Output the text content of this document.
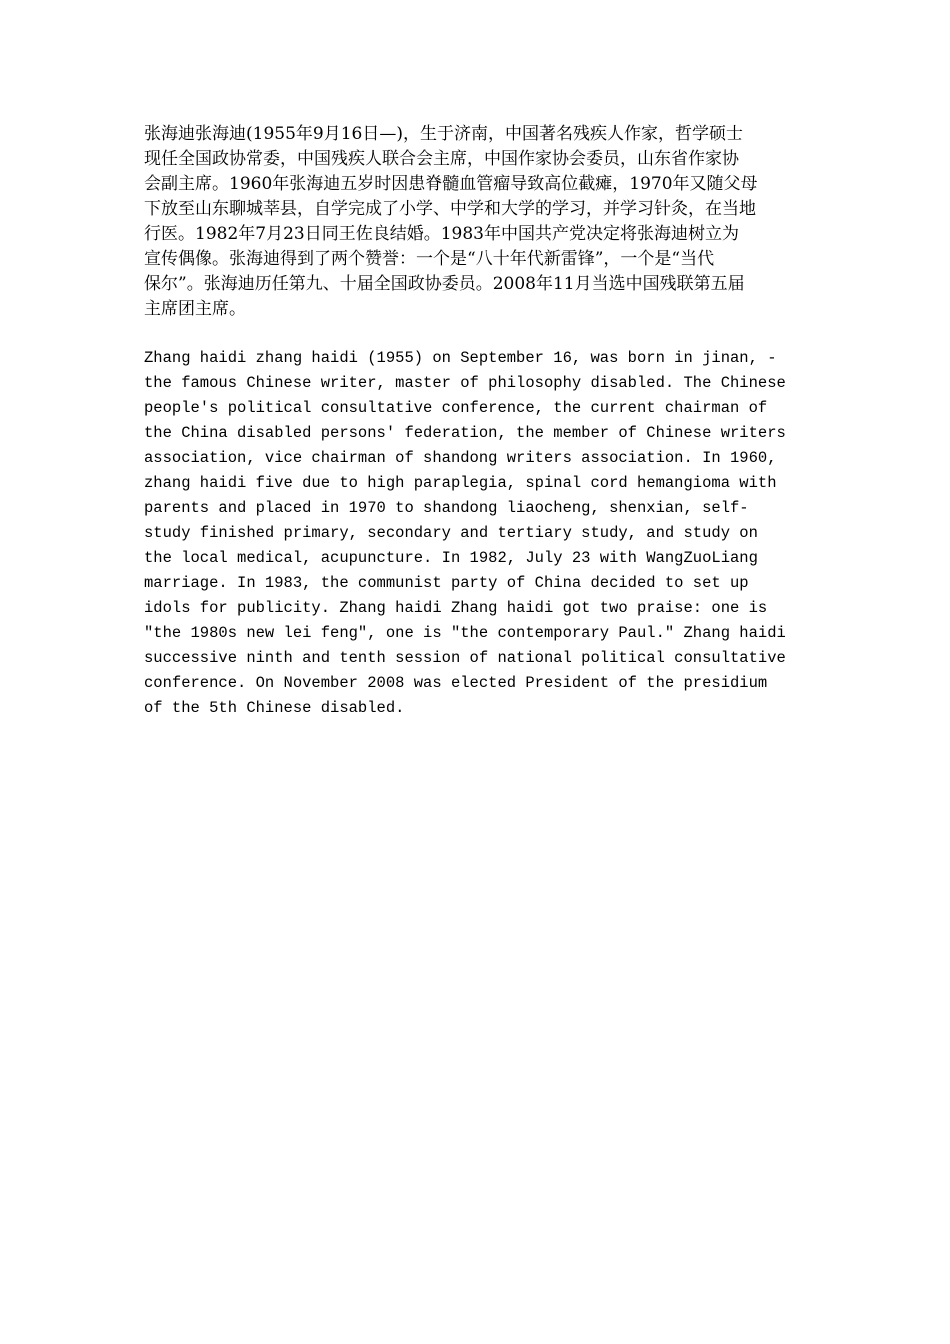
张海迪张海迪(1955年9月16日—)，生于济南，中国著名残疾人作家，哲学硕士
现任全国政协常委，中国残疾人联合会主席，中国作家协会委员，山东省作家协
会副主席。1960年张海迪五岁时因患脊髓血管瘤导致高位截瘫，1970年又随父母
下放至山东聊城莘县，自学完成了小学、中学和大学的学习，并学习针灸，在当地
行医。1982年7月23日同王佐良结婚。1983年中国共产党决定将张海迪树立为
宣传偶像。张海迪得到了两个赞誉：一个是“八十年代新雷锋”，一个是“当代
保尔”。张海迪历任第九、十届全国政协委员。2008年11月当选中国残联第五届
主席团主席。

Zhang haidi zhang haidi (1955) on September 16, was born in jinan, -
the famous Chinese writer, master of philosophy disabled. The Chinese
people's political consultative conference, the current chairman of
the China disabled persons' federation, the member of Chinese writers
association, vice chairman of shandong writers association. In 1960,
zhang haidi five due to high paraplegia, spinal cord hemangioma with
parents and placed in 1970 to shandong liaocheng, shenxian, self-
study finished primary, secondary and tertiary study, and study on
the local medical, acupuncture. In 1982, July 23 with WangZuoLiang
marriage. In 1983, the communist party of China decided to set up
idols for publicity. Zhang haidi Zhang haidi got two praise: one is
"the 1980s new lei feng", one is "the contemporary Paul." Zhang haidi
successive ninth and tenth session of national political consultative
conference. On November 2008 was elected President of the presidium
of the 5th Chinese disabled.
